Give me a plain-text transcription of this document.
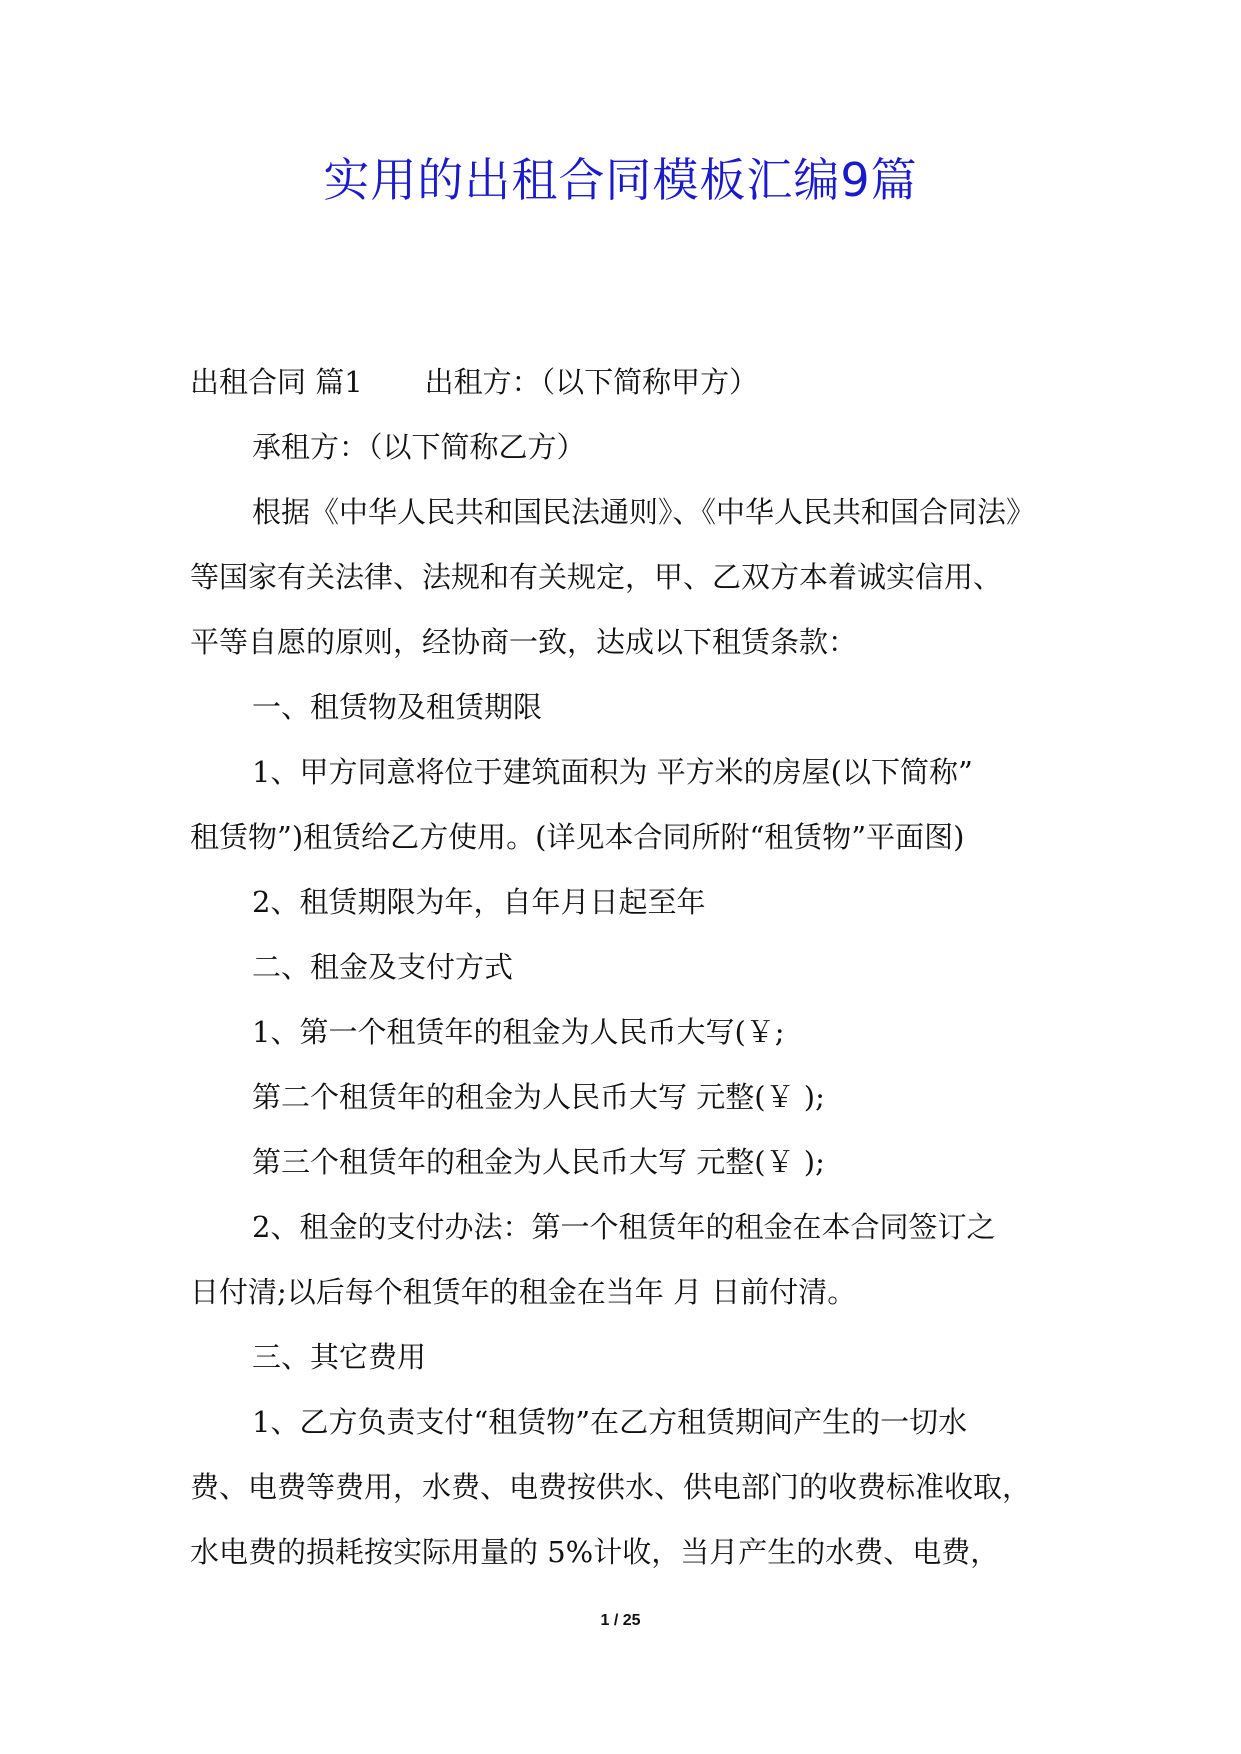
实用的出租合同模板汇编9篇

出租合同 篇1 出租方：（以下简称甲方）

承租方：（以下简称乙方）

根据《中华人民共和国民法通则》、《中华人民共和国合同法》

等国家有关法律、法规和有关规定，甲、乙双方本着诚实信用、

平等自愿的原则，经协商一致，达成以下租赁条款：

一、租赁物及租赁期限

1、甲方同意将位于建筑面积为 平方米的房屋(以下简称”

租赁物”)租赁给乙方使用。(详见本合同所附“租赁物”平面图)

2、租赁期限为年，自年月日起至年

二、租金及支付方式

1、第一个租赁年的租金为人民币大写(￥;

第二个租赁年的租金为人民币大写 元整(￥ );

第三个租赁年的租金为人民币大写 元整(￥ );

2、租金的支付办法：第一个租赁年的租金在本合同签订之

日付清;以后每个租赁年的租金在当年 月 日前付清。

三、其它费用

1、乙方负责支付“租赁物”在乙方租赁期间产生的一切水

费、电费等费用，水费、电费按供水、供电部门的收费标准收取，

水电费的损耗按实际用量的 5%计收，当月产生的水费、电费，

1 / 25
